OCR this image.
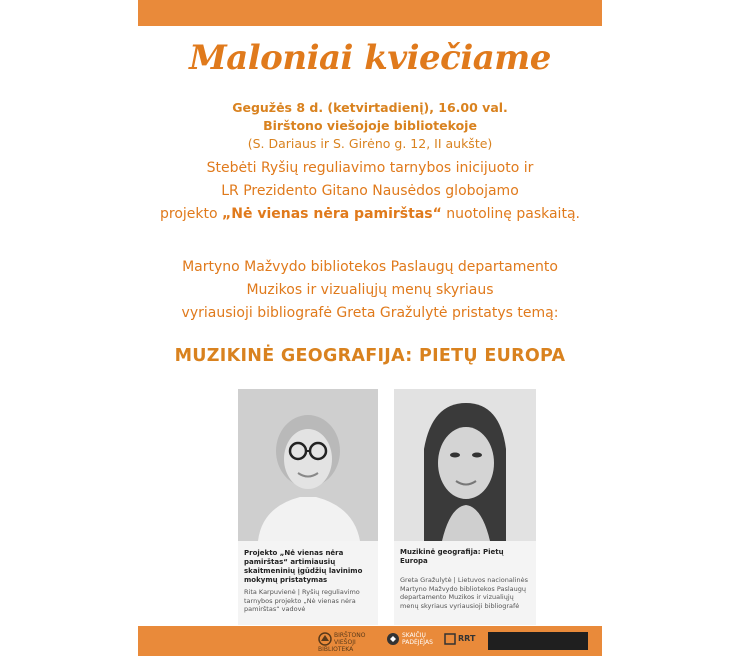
Maloniai kviečiame
Gegužės 8 d. (ketvirtadienį), 16.00 val.
Birštono viešojoje bibliotekoje
(S. Dariaus ir S. Girėno g. 12, II aukšte)
Stebėti Ryšių reguliavimo tarnybos inicijuoto ir
LR Prezidento Gitano Nausėdos globojamo
projekto „Nė vienas nėra pamirštas“ nuotolinę paskaitą.
Martyno Mažvydo bibliotekos Paslaugų departamento
Muzikos ir vizualiųjų menų skyriaus
vyriausioji bibliografė Greta Gražulytė pristatys temą:
MUZIKINĖ GEOGRAFIJA: PIETŲ EUROPA
Projekto „Nė vienas nėra pamirštas“ artimiausių skaitmeninių įgūdžių lavinimo mokymų pristatymas
Rita Karpuvienė | Ryšių reguliavimo tarnybos projekto „Nė vienas nėra pamirštas“ vadovė
Muzikinė geografija: Pietų Europa
Greta Gražulytė | Lietuvos nacionalinės Martyno Mažvydo bibliotekos Paslaugų departamento Muzikos ir vizualiųjų menų skyriaus vyriausioji bibliografė
BIRŠTONO VIEŠOJI BIBLIOTEKA
SKAIČIŲ PADĖJĖJAS	RRT
